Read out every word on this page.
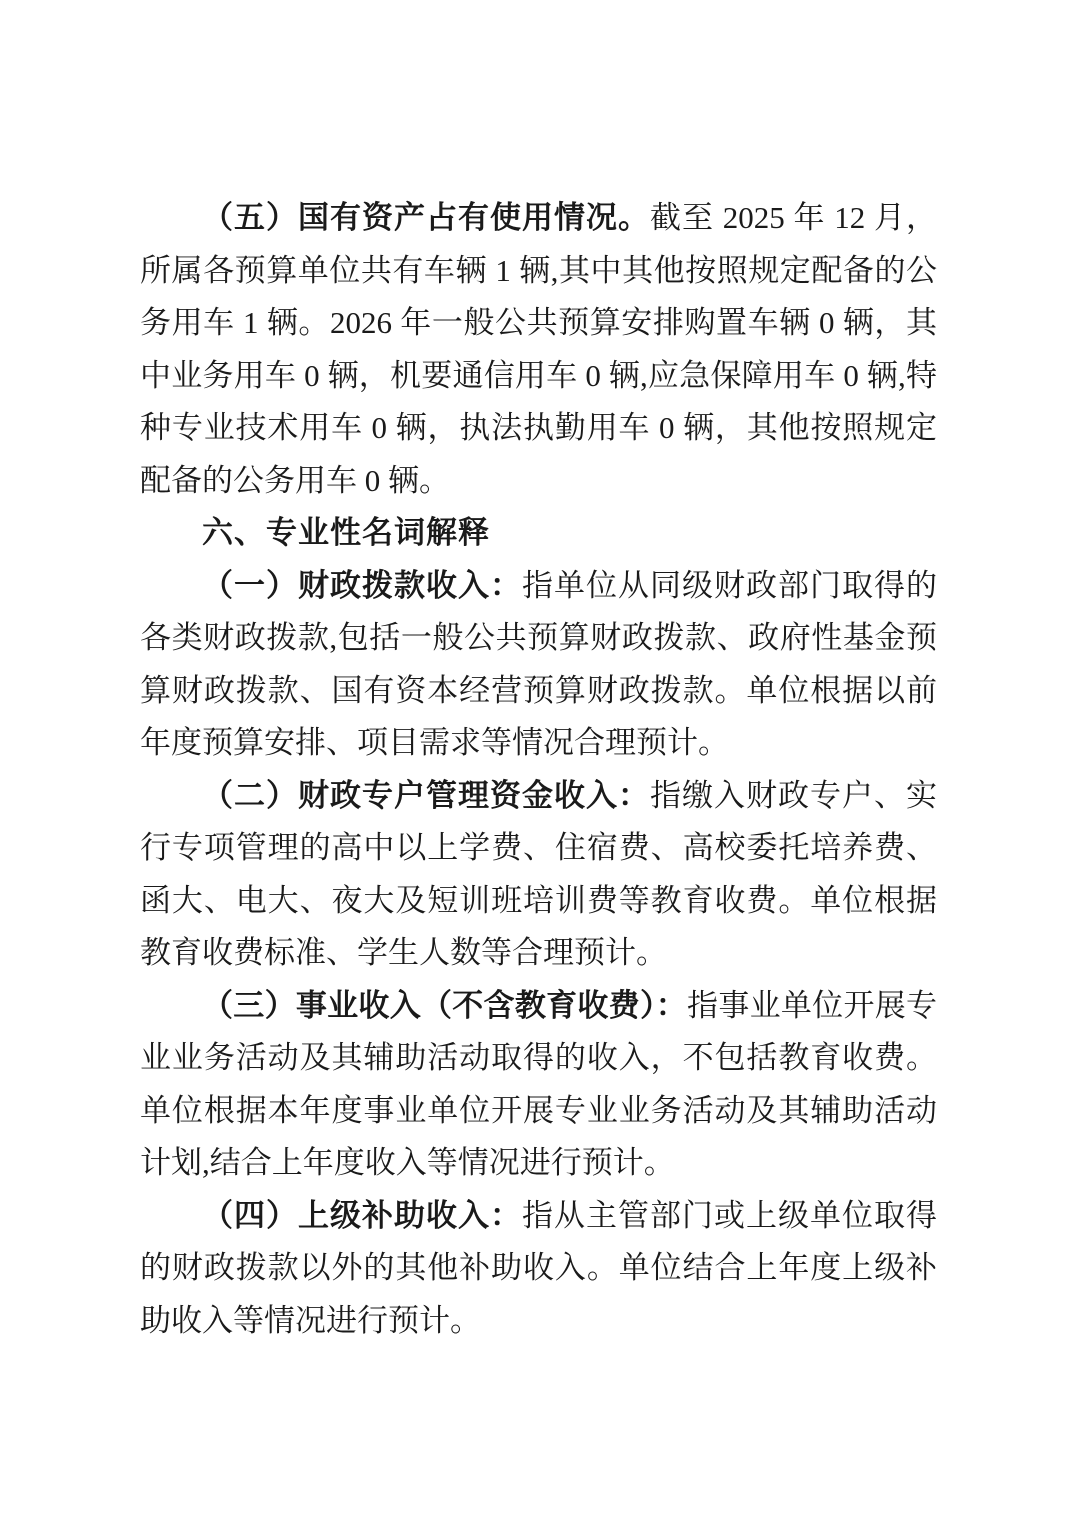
（五）国有资产占有使用情况。截至 2025 年 12 月，所属各预算单位共有车辆 1 辆,其中其他按照规定配备的公务用车 1 辆。2026 年一般公共预算安排购置车辆 0 辆，其中业务用车 0 辆，机要通信用车 0 辆,应急保障用车 0 辆,特种专业技术用车 0 辆，执法执勤用车 0 辆，其他按照规定配备的公务用车 0 辆。

六、专业性名词解释

（一）财政拨款收入：指单位从同级财政部门取得的各类财政拨款,包括一般公共预算财政拨款、政府性基金预算财政拨款、国有资本经营预算财政拨款。单位根据以前年度预算安排、项目需求等情况合理预计。

（二）财政专户管理资金收入：指缴入财政专户、实行专项管理的高中以上学费、住宿费、高校委托培养费、函大、电大、夜大及短训班培训费等教育收费。单位根据教育收费标准、学生人数等合理预计。

（三）事业收入（不含教育收费）：指事业单位开展专业业务活动及其辅助活动取得的收入，不包括教育收费。单位根据本年度事业单位开展专业业务活动及其辅助活动计划,结合上年度收入等情况进行预计。

（四）上级补助收入：指从主管部门或上级单位取得的财政拨款以外的其他补助收入。单位结合上年度上级补助收入等情况进行预计。
